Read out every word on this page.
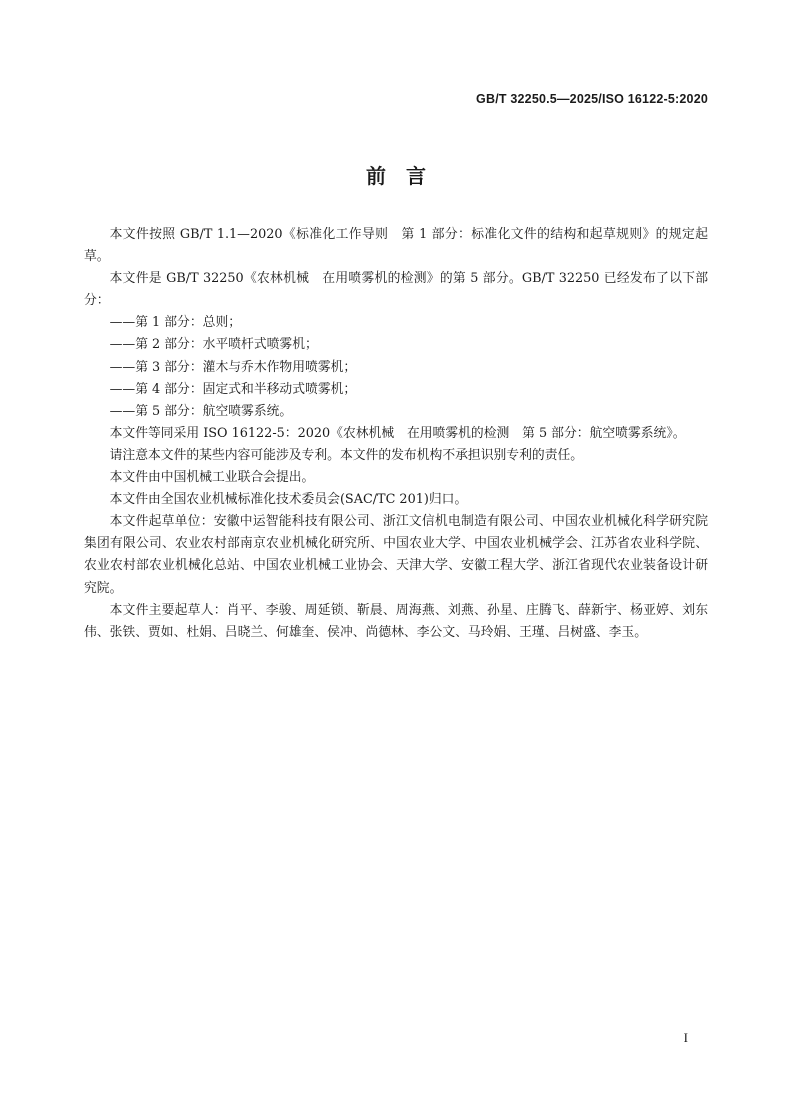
GB/T 32250.5—2025/ISO 16122-5:2020
前　言

本文件按照 GB/T 1.1—2020《标准化工作导则　第 1 部分：标准化文件的结构和起草规则》的规定起草。

本文件是 GB/T 32250《农林机械　在用喷雾机的检测》的第 5 部分。GB/T 32250 已经发布了以下部分：

——第 1 部分：总则；

——第 2 部分：水平喷杆式喷雾机；

——第 3 部分：灌木与乔木作物用喷雾机；

——第 4 部分：固定式和半移动式喷雾机；

——第 5 部分：航空喷雾系统。

本文件等同采用 ISO 16122-5：2020《农林机械　在用喷雾机的检测　第 5 部分：航空喷雾系统》。

请注意本文件的某些内容可能涉及专利。本文件的发布机构不承担识别专利的责任。

本文件由中国机械工业联合会提出。

本文件由全国农业机械标准化技术委员会(SAC/TC 201)归口。

本文件起草单位：安徽中运智能科技有限公司、浙江文信机电制造有限公司、中国农业机械化科学研究院集团有限公司、农业农村部南京农业机械化研究所、中国农业大学、中国农业机械学会、江苏省农业科学院、农业农村部农业机械化总站、中国农业机械工业协会、天津大学、安徽工程大学、浙江省现代农业装备设计研究院。

本文件主要起草人：肖平、李骏、周延锁、靳晨、周海燕、刘燕、孙星、庄腾飞、薛新宇、杨亚婷、刘东伟、张铁、贾如、杜娟、吕晓兰、何雄奎、侯冲、尚德林、李公文、马玲娟、王瑾、吕树盛、李玉。

I
